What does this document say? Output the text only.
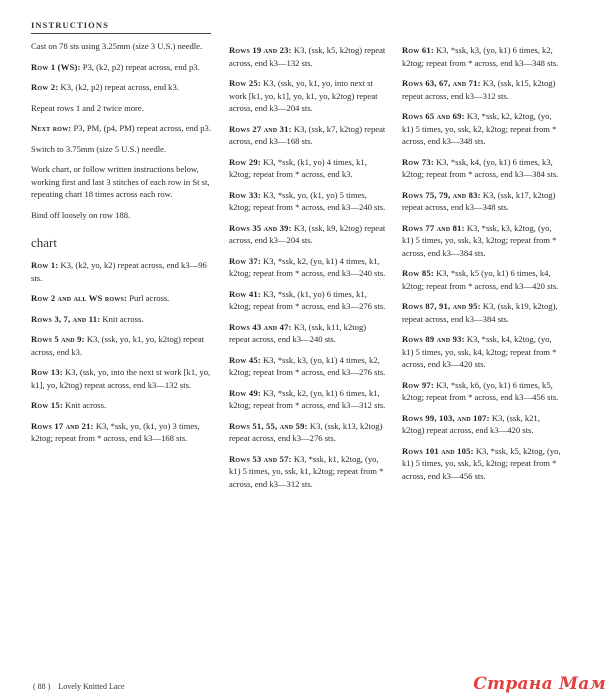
INSTRUCTIONS

Cast on 78 sts using 3.25mm (size 3 U.S.) needle.

Row 1 (WS): P3, (k2, p2) repeat across, end p3.

Row 2: K3, (k2, p2) repeat across, end k3.

Repeat rows 1 and 2 twice more.

Next row: P3, PM, (p4, PM) repeat across, end p3.

Switch to 3.75mm (size 5 U.S.) needle.

Work chart, or follow written instructions below, working first and last 3 stitches of each row in St st, repeating chart 18 times across each row.

Bind off loosely on row 188.

chart

Row 1: K3, (k2, yo, k2) repeat across, end k3—96 sts.

Row 2 and all WS rows: Purl across.

Rows 3, 7, and 11: Knit across.

Rows 5 and 9: K3, (ssk, yo, k1, yo, k2tog) repeat across, end k3.

Row 13: K3, (ssk, yo, into the next st work [k1, yo, k1], yo, k2tog) repeat across, end k3—132 sts.

Row 15: Knit across.

Rows 17 and 21: K3, *ssk, yo, (k1, yo) 3 times, k2tog; repeat from * across, end k3—168 sts.

Rows 19 and 23: K3, (ssk, k5, k2tog) repeat across, end k3—132 sts.

Row 25: K3, (ssk, yo, k1, yo, into next st work [k1, yo, k1], yo, k1, yo, k2tog) repeat across, end k3—204 sts.

Rows 27 and 31: K3, (ssk, k7, k2tog) repeat across, end k3—168 sts.

Row 29: K3, *ssk, (k1, yo) 4 times, k1, k2tog; repeat from * across, end k3.

Row 33: K3, *ssk, yo, (k1, yo) 5 times, k2tog; repeat from * across, end k3—240 sts.

Rows 35 and 39: K3, (ssk, k9, k2tog) repeat across, end k3—204 sts.

Row 37: K3, *ssk, k2, (yo, k1) 4 times, k1, k2tog; repeat from * across, end k3—240 sts.

Row 41: K3, *ssk, (k1, yo) 6 times, k1, k2tog; repeat from * across, end k3—276 sts.

Rows 43 and 47: K3, (ssk, k11, k2tog) repeat across, end k3—240 sts.

Row 45: K3, *ssk, k3, (yo, k1) 4 times, k2, k2tog; repeat from * across, end k3—276 sts.

Row 49: K3, *ssk, k2, (yo, k1) 6 times, k1, k2tog; repeat from * across, end k3—312 sts.

Rows 51, 55, and 59: K3, (ssk, k13, k2tog) repeat across, end k3—276 sts.

Rows 53 and 57: K3, *ssk, k1, k2tog, (yo, k1) 5 times, yo, ssk, k1, k2tog; repeat from * across, end k3—312 sts.

Row 61: K3, *ssk, k3, (yo, k1) 6 times, k2, k2tog; repeat from * across, end k3—348 sts.

Rows 63, 67, and 71: K3, (ssk, k15, k2tog) repeat across, end k3—312 sts.

Rows 65 and 69: K3, *ssk, k2, k2tog, (yo, k1) 5 times, yo, ssk, k2, k2tog; repeat from * across, end k3—348 sts.

Row 73: K3, *ssk, k4, (yo, k1) 6 times, k3, k2tog; repeat from * across, end k3—384 sts.

Rows 75, 79, and 83: K3, (ssk, k17, k2tog) repeat across, end k3—348 sts.

Rows 77 and 81: K3, *ssk, k3, k2tog, (yo, k1) 5 times, yo, ssk, k3, k2tog; repeat from * across, end k3—384 sts.

Row 85: K3, *ssk, k5 (yo, k1) 6 times, k4, k2tog; repeat from * across, end k3—420 sts.

Rows 87, 91, and 95: K3, (ssk, k19, k2tog), repeat across, end k3—384 sts.

Rows 89 and 93: K3, *ssk, k4, k2tog, (yo, k1) 5 times, yo, ssk, k4, k2tog; repeat from * across, end k3—420 sts.

Row 97: K3, *ssk, k6, (yo, k1) 6 times, k5, k2tog; repeat from * across, end k3—456 sts.

Rows 99, 103, and 107: K3, (ssk, k21, k2tog) repeat across, end k3—420 sts.

Rows 101 and 105: K3, *ssk, k5, k2tog, (yo, k1) 5 times, yo, ssk, k5, k2tog; repeat from * across, end k3—456 sts.

( 88 ) Lovely Knitted Lace	Страна Мам
